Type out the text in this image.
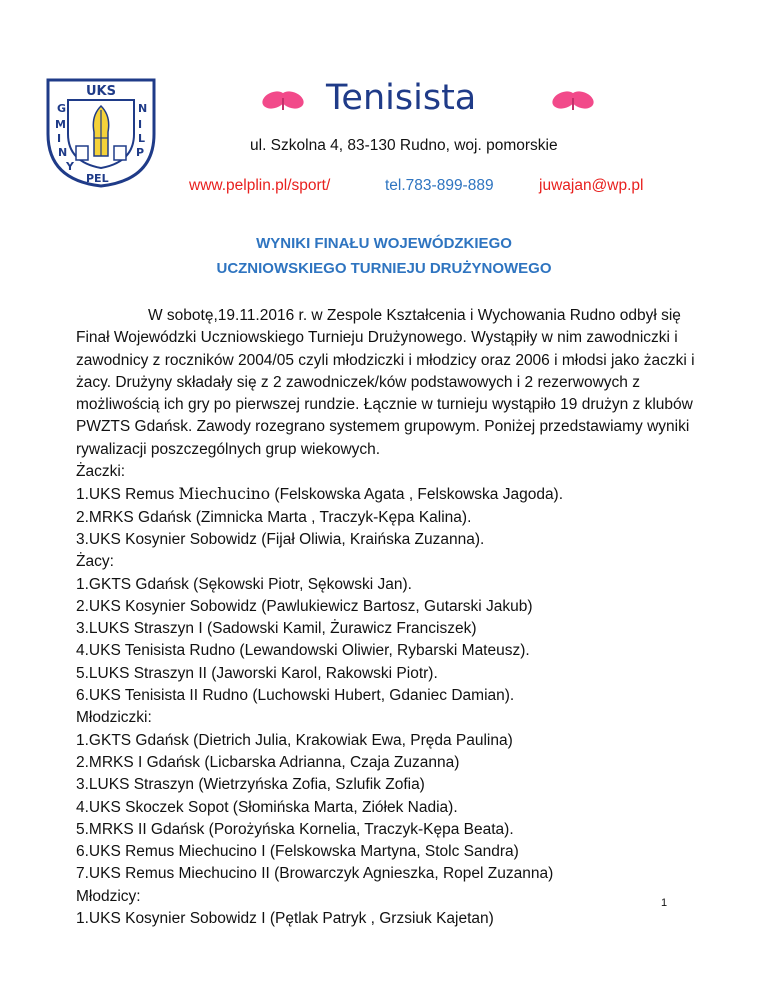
UKS
G
M
I
N
Y
PEL
N
I
L
P
Tenisista
ul. Szkolna 4, 83-130 Rudno, woj. pomorskie
www.pelplin.pl/sport/	tel.783-899-889	juwajan@wp.pl
WYNIKI FINAŁU WOJEWÓDZKIEGO
UCZNIOWSKIEGO TURNIEJU DRUŻYNOWEGO

W sobotę,19.11.2016 r. w Zespole Kształcenia i Wychowania Rudno odbył się Finał Wojewódzki Uczniowskiego Turnieju Drużynowego. Wystąpiły w nim zawodniczki i zawodnicy z roczników 2004/05 czyli młodziczki i młodzicy oraz 2006 i młodsi jako żaczki i żacy. Drużyny składały się z 2 zawodniczek/ków podstawowych i 2 rezerwowych z możliwością ich gry po pierwszej rundzie. Łącznie w turnieju wystąpiło 19 drużyn z klubów PWZTS Gdańsk. Zawody rozegrano systemem grupowym. Poniżej przedstawiamy wyniki rywalizacji poszczególnych grup wiekowych.

Żaczki:
1.UKS Remus Miechucino (Felskowska Agata , Felskowska Jagoda).
2.MRKS Gdańsk (Zimnicka Marta , Traczyk-Kępa Kalina).
3.UKS Kosynier Sobowidz (Fijał Oliwia, Kraińska Zuzanna).
Żacy:
1.GKTS Gdańsk (Sękowski Piotr, Sękowski Jan).
2.UKS Kosynier Sobowidz (Pawlukiewicz Bartosz, Gutarski Jakub)
3.LUKS Straszyn I (Sadowski Kamil, Żurawicz Franciszek)
4.UKS Tenisista Rudno (Lewandowski Oliwier, Rybarski Mateusz).
5.LUKS Straszyn II (Jaworski Karol, Rakowski Piotr).
6.UKS Tenisista II Rudno (Luchowski Hubert, Gdaniec Damian).
Młodziczki:
1.GKTS Gdańsk (Dietrich Julia, Krakowiak Ewa, Pręda Paulina)
2.MRKS I Gdańsk (Licbarska Adrianna, Czaja Zuzanna)
3.LUKS Straszyn (Wietrzyńska Zofia, Szlufik Zofia)
4.UKS Skoczek Sopot (Słomińska Marta, Ziółek Nadia).
5.MRKS II Gdańsk (Porożyńska Kornelia, Traczyk-Kępa Beata).
6.UKS Remus Miechucino I (Felskowska Martyna, Stolc Sandra)
7.UKS Remus Miechucino II (Browarczyk Agnieszka, Ropel Zuzanna)
Młodzicy:
1.UKS Kosynier Sobowidz I (Pętlak Patryk , Grzsiuk Kajetan)
1
